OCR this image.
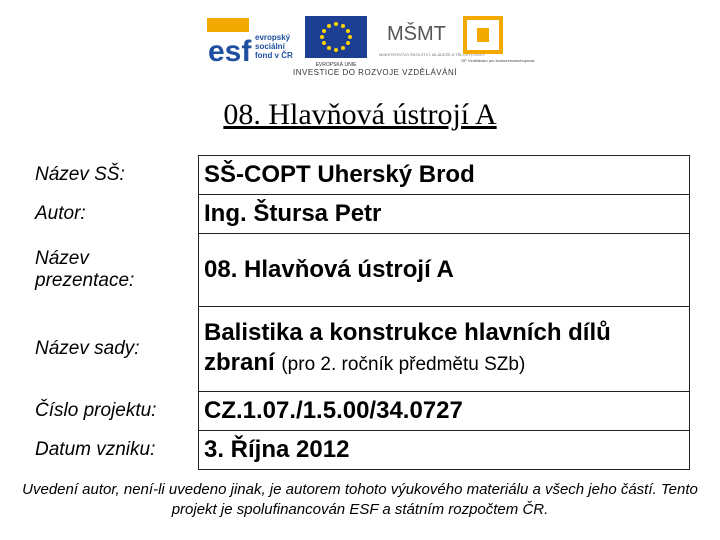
esf evropský
sociální
fond v ČR
EVROPSKÁ UNIE
MŠMT
MINISTERSTVO ŠKOLSTVÍ, MLÁDEŽE A TĚLOVÝCHOVY
OP Vzdělávání pro konkurenceschopnost
INVESTICE DO ROZVOJE VZDĚLÁVÁNÍ
08. Hlavňová ústrojí A
Název SŠ:	SŠ-COPT Uherský Brod
Autor:	Ing. Štursa Petr
Název prezentace:	08. Hlavňová ústrojí A
Název sady:	Balistika a konstrukce hlavních dílů zbraní (pro 2. ročník předmětu SZb)
Číslo projektu:	CZ.1.07./1.5.00/34.0727
Datum vzniku:	3. Října 2012
Uvedení autor, není-li uvedeno jinak, je autorem tohoto výukového materiálu a všech jeho částí. Tento projekt je spolufinancován ESF a státním rozpočtem ČR.
